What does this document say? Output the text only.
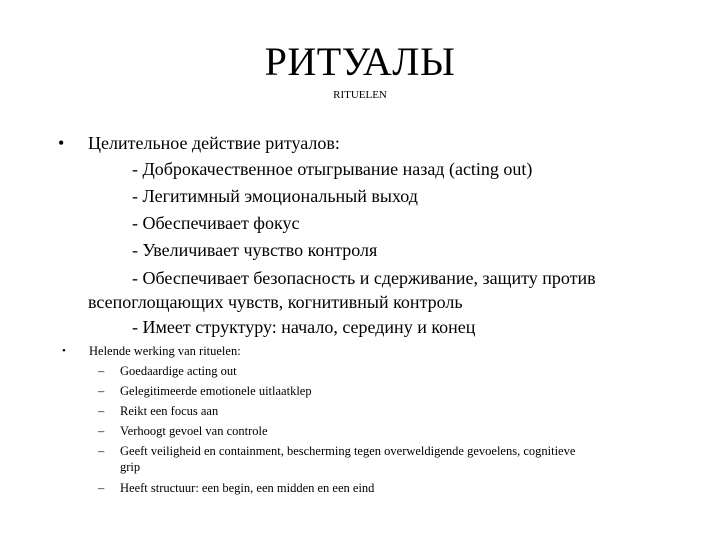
РИТУАЛЫ
RITUELEN
• Целительное действие ритуалов:
- Доброкачественное отыгрывание назад (acting out)
- Легитимный эмоциональный выход
- Обеспечивает фокус
- Увеличивает чувство контроля
- Обеспечивает безопасность и сдерживание, защиту против
всепоглощающих чувств, когнитивный контроль
- Имеет структуру: начало, середину и конец
• Helende werking van rituelen:
– Goedaardige acting out
– Gelegitimeerde emotionele uitlaatklep
– Reikt een focus aan
– Verhoogt gevoel van controle
– Geeft veiligheid en containment, bescherming tegen overweldigende gevoelens, cognitieve
grip
– Heeft structuur: een begin, een midden en een eind
